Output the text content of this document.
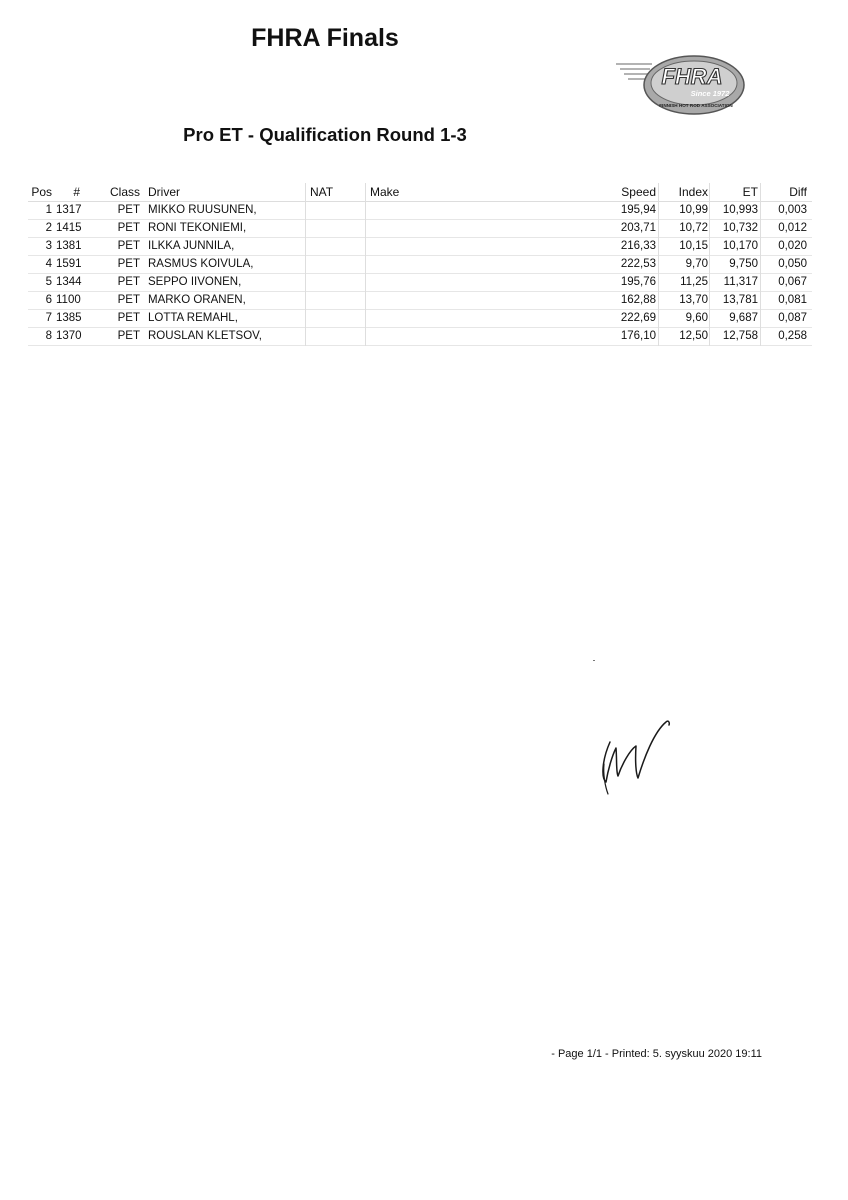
FHRA Finals
Pro ET - Qualification Round 1-3
FHRA
Since 1972
FINNISH HOT ROD ASSOCIATION
Pos	#	Class Driver	NAT	Make	Speed	Index	ET	Diff
1 1317	PET MIKKO RUUSUNEN,	195,94	10,99	10,993	0,003
2 1415	PET RONI TEKONIEMI,	203,71	10,72	10,732	0,012
3 1381	PET ILKKA JUNNILA,	216,33	10,15	10,170	0,020
4 1591	PET RASMUS KOIVULA,	222,53	9,70	9,750	0,050
5 1344	PET SEPPO IIVONEN,	195,76	11,25	11,317	0,067
6 1100	PET MARKO ORANEN,	162,88	13,70	13,781	0,081
7 1385	PET LOTTA REMAHL,	222,69	9,60	9,687	0,087
8 1370	PET ROUSLAN KLETSOV,	176,10	12,50	12,758	0,258
- Page 1/1 - Printed: 5. syyskuu 2020 19:11
